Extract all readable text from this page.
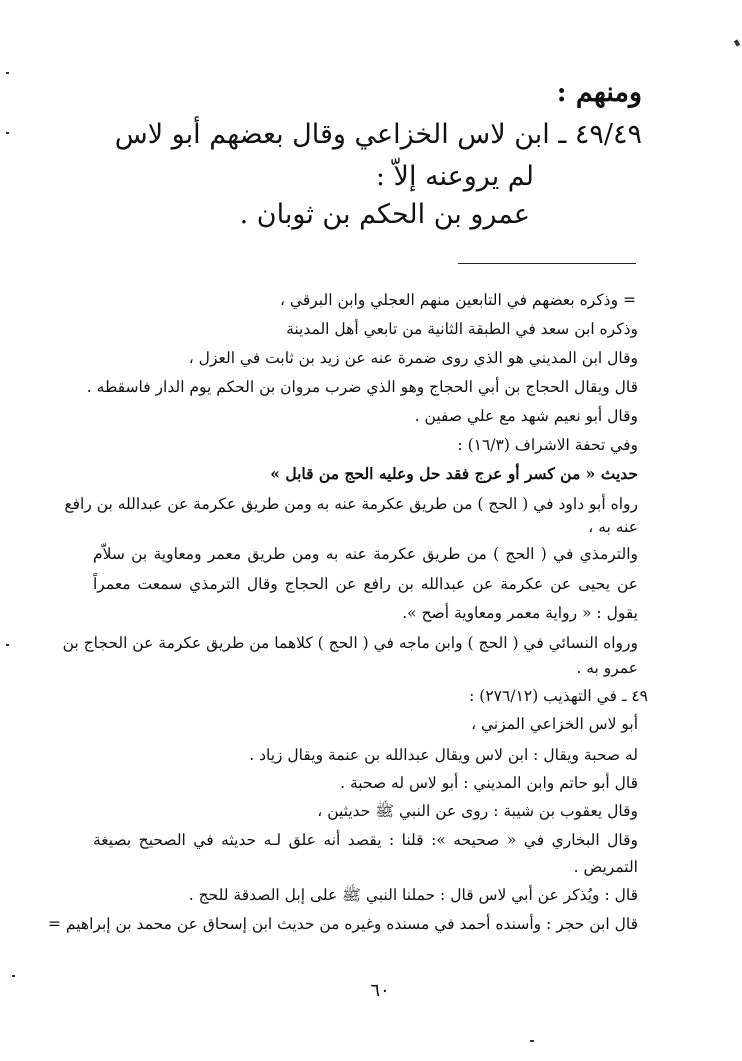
ومنهم :

٤٩/٤٩ ـ ابن لاس الخزاعي وقال بعضهم أبو لاس

لم يروعنه إلاّ :

عمرو بن الحكم بن ثوبان .

= وذكره بعضهم في التابعين منهم العجلي وابن البرقي ،

وذكره ابن سعد في الطبقة الثانية من تابعي أهل المدينة

وقال ابن المديني هو الذي روى ضمرة عنه عن زيد بن ثابت في العزل ،

قال ويقال الحجاج بن أبي الحجاج وهو الذي ضرب مروان بن الحكم يوم الدار فاسقطه .

وقال أبو نعيم شهد مع علي صفين .

وفي تحفة الاشراف (١٦/٣) :

حديث « من كسر أو عرج فقد حل وعليه الحج من قابل »

رواه أبو داود في ( الحج ) من طريق عكرمة عنه به ومن طريق عكرمة عن عبدالله بن رافع

عنه به ،

والترمذي في ( الحج ) من طريق عكرمة عنه به ومن طريق معمر ومعاوية بن سلاّم

عن يحيى عن عكرمة عن عبدالله بن رافع عن الحجاج وقال الترمذي سمعت معمراً

يقول : « رواية معمر ومعاوية أصح ».

ورواه النسائي في ( الحج ) وابن ماجه في ( الحج ) كلاهما من طريق عكرمة عن الحجاج بن

عمرو به .

٤٩ ـ في التهذيب (٢٧٦/١٢) :

أبو لاس الخزاعي المزني ،

له صحبة ويقال : ابن لاس ويقال عبدالله بن عنمة ويقال زياد .

قال أبو حاتم وابن المديني : أبو لاس له صحبة .

وقال يعقوب بن شيبة : روى عن النبي ﷺ حديثين ،

وقال البخاري في « صحيحه »: قلنا : يقصد أنه علق لـه حديثه في الصحيح بصيغة

التمريض .

قال : ويُذكر عن أبي لاس قال : حملنا النبي ﷺ على إبل الصدقة للحج .

قال ابن حجر : وأسنده أحمد في مسنده وغيره من حديث ابن إسحاق عن محمد بن إبراهيم =

٦٠
